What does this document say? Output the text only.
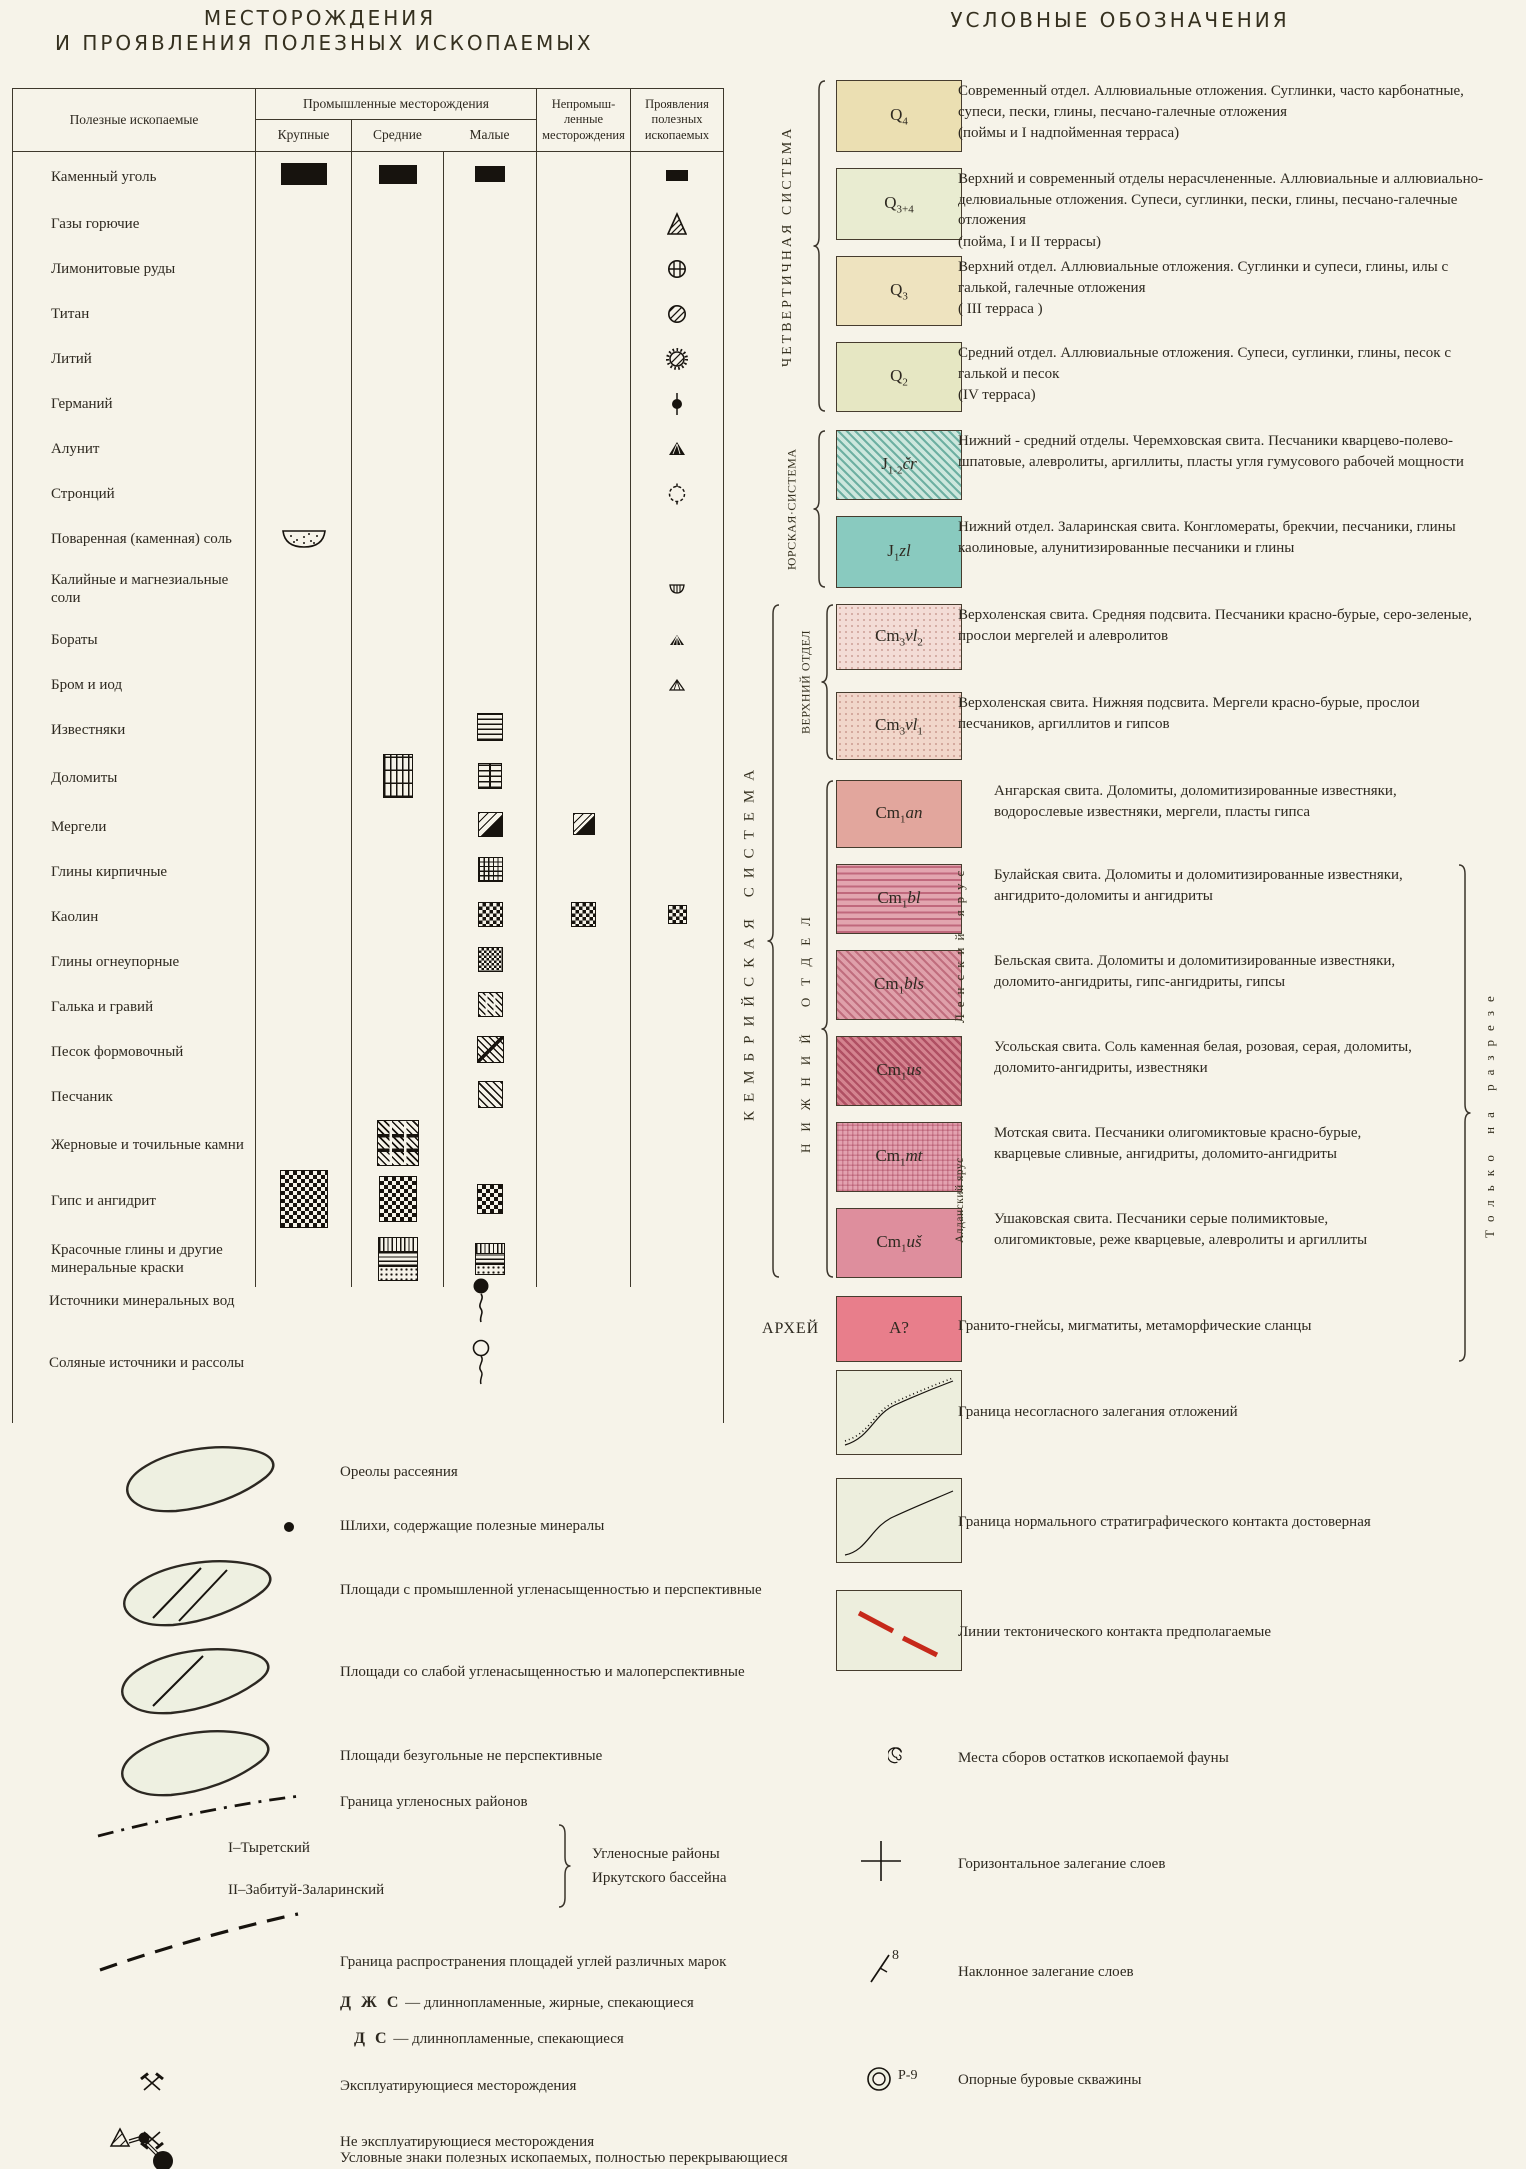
МЕСТОРОЖДЕНИЯ
И ПРОЯВЛЕНИЯ ПОЛЕЗНЫХ ИСКОПАЕМЫХ
УСЛОВНЫЕ ОБОЗНАЧЕНИЯ
Полезные ископаемые
Промышленные месторождения	Непромыш-ленные месторождения
Проявления полезных ископаемых
Крупные	Средние	Малые
Каменный уголь
Газы горючие
Лимонитовые руды
Титан
Литий
Германий
Алунит
Стронций
Поваренная (каменная) соль
Калийные и магнезиальные соли
Бораты
Бром и иод
Известняки
Доломиты
Мергели
Глины кирпичные
Каолин
Глины огнеупорные
Галька и гравий
Песок формовочный
Песчаник
Жерновые и точильные камни
Гипс и ангидрит
Красочные глины и другие минеральные краски
Источники минеральных вод
Соляные источники и рассолы
Ореолы рассеяния
Шлихи, содержащие полезные минералы
Площади с промышленной угленасыщенностью и перспективные
Площади со слабой угленасыщенностью и малоперспективные
Площади безугольные не перспективные
Граница угленосных районов
I–Тыретский
II–Забитуй-Заларинский
Угленосные районы
Иркутского бассейна
Граница распространения площадей углей различных марок
Д Ж С — длиннопламенные, жирные, спекающиеся
Д С — длиннопламенные, спекающиеся
Эксплуатирующиеся месторождения
Не эксплуатирующиеся месторождения
Условные знаки полезных ископаемых, полностью перекрывающиеся
$Q_4$
Современный отдел. Аллювиальные отложения. Суглинки, часто карбонатные, супеси, пески, глины, песчано-галечные отложения
(поймы и I надпойменная терраса)
$Q_{3+4}$
Верхний и современный отделы нерасчлененные. Аллювиальные и аллювиально-делювиальные отложения. Супеси, суглинки, пески, глины, песчано-галечные отложения
(пойма, I и II террасы)
$Q_3$
Верхний отдел. Аллювиальные отложения. Суглинки и супеси, глины, илы с галькой, галечные отложения
( III терраса )
$Q_2$
Средний отдел. Аллювиальные отложения. Супеси, суглинки, глины, песок с галькой и песок
(IV терраса)
$J_{1-2}čr$
Нижний - средний отделы. Черемховская свита. Песчаники кварцево-полево-шпатовые, алевролиты, аргиллиты, пласты угля гумусового рабочей мощности
$J_1zl$
Нижний отдел. Заларинская свита. Конгломераты, брекчии, песчаники, глины каолиновые, алунитизированные песчаники и глины
$Cm_3vl_2$
Верхоленская свита. Средняя подсвита. Песчаники красно-бурые, серо-зеленые, прослои мергелей и алевролитов
$Cm_3vl_1$
Верхоленская свита. Нижняя подсвита. Мергели красно-бурые, прослои песчаников, аргиллитов и гипсов
$Cm_1an$
Ангарская свита. Доломиты, доломитизированные известняки, водорослевые известняки, мергели, пласты гипса
$Cm_1bl$
Булайская свита. Доломиты и доломитизированные известняки, ангидрито-доломиты и ангидриты
$Cm_1bls$
Бельская свита. Доломиты и доломитизированные известняки, доломито-ангидриты, гипс-ангидриты, гипсы
$Cm_1us$
Усольская свита. Соль каменная белая, розовая, серая, доломиты, доломито-ангидриты, известняки
$Cm_1mt$
Мотская свита. Песчаники олигомиктовые красно-бурые, кварцевые сливные, ангидриты, доломито-ангидриты
$Cm_1uš$
Ушаковская свита. Песчаники серые полимиктовые, олигомиктовые, реже кварцевые, алевролиты и аргиллиты
A?	Гранито-гнейсы, мигматиты, метаморфические сланцы
ЧЕТВЕРТИЧНАЯ СИСТЕМА
ЮРСКАЯ·СИСТЕМА
КЕМБРИЙСКАЯ СИСТЕМА
ВЕРХНИЙ ОТДЕЛ
НИЖНИЙ ОТДЕЛ	Ленский ярус
Алданский ярус	Только на разрезе
АРХЕЙ
Граница несогласного залегания отложений
Граница нормального стратиграфического контакта достоверная
Линии тектонического контакта предполагаемые
Места сборов остатков ископаемой фауны
Горизонтальное залегание слоев
8
Наклонное залегание слоев
Р-9	Опорные буровые скважины
